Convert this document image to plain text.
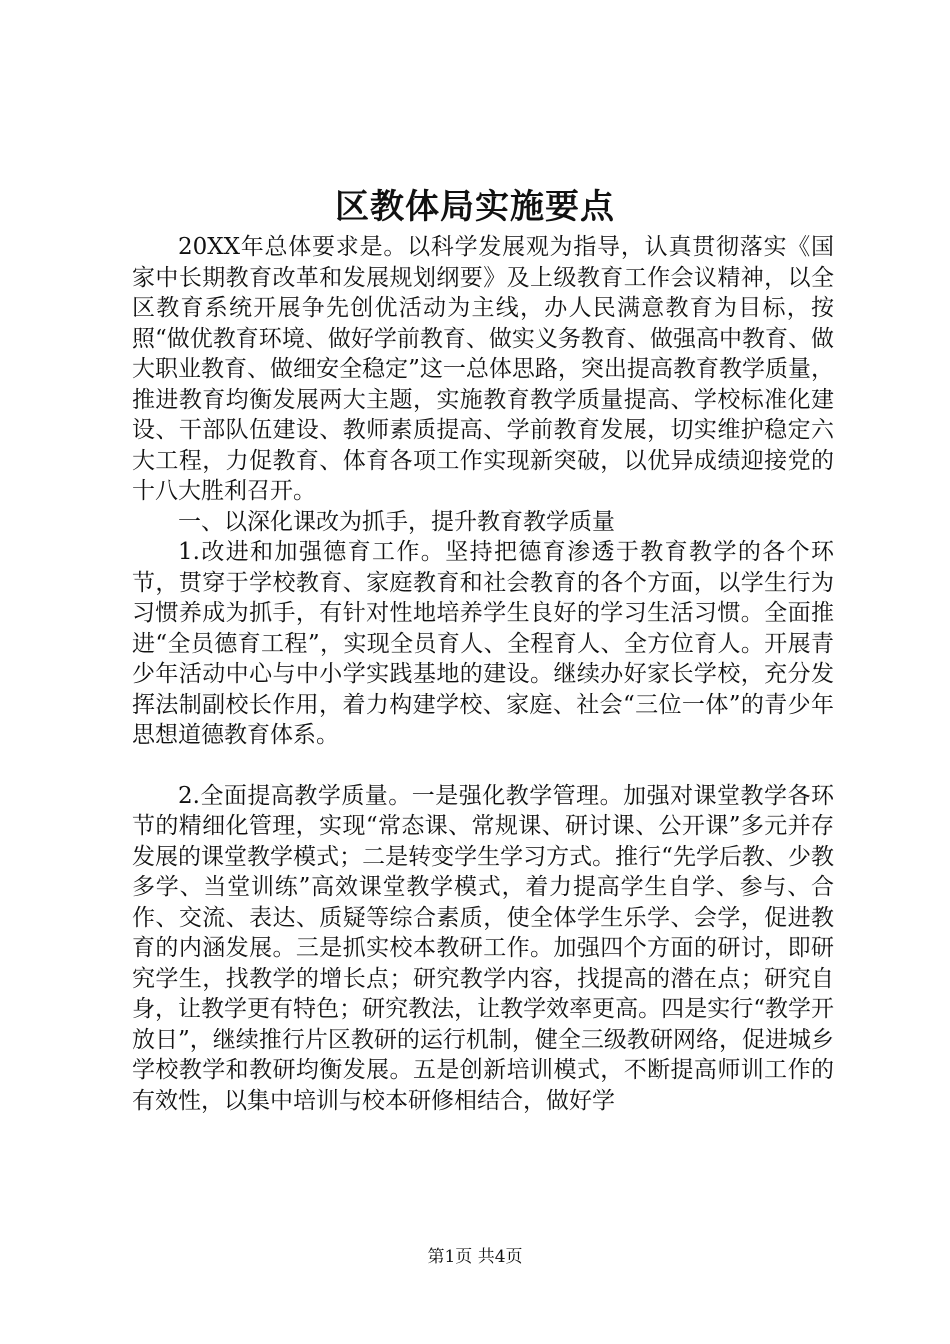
区教体局实施要点

20XX年总体要求是。以科学发展观为指导，认真贯彻落实《国家中长期教育改革和发展规划纲要》及上级教育工作会议精神，以全区教育系统开展争先创优活动为主线，办人民满意教育为目标，按照“做优教育环境、做好学前教育、做实义务教育、做强高中教育、做大职业教育、做细安全稳定”这一总体思路，突出提高教育教学质量，推进教育均衡发展两大主题，实施教育教学质量提高、学校标准化建设、干部队伍建设、教师素质提高、学前教育发展，切实维护稳定六大工程，力促教育、体育各项工作实现新突破，以优异成绩迎接党的十八大胜利召开。

一、以深化课改为抓手，提升教育教学质量

1.改进和加强德育工作。坚持把德育渗透于教育教学的各个环节，贯穿于学校教育、家庭教育和社会教育的各个方面，以学生行为习惯养成为抓手，有针对性地培养学生良好的学习生活习惯。全面推进“全员德育工程”，实现全员育人、全程育人、全方位育人。开展青少年活动中心与中小学实践基地的建设。继续办好家长学校，充分发挥法制副校长作用，着力构建学校、家庭、社会“三位一体”的青少年思想道德教育体系。

2.全面提高教学质量。一是强化教学管理。加强对课堂教学各环节的精细化管理，实现“常态课、常规课、研讨课、公开课”多元并存发展的课堂教学模式；二是转变学生学习方式。推行“先学后教、少教多学、当堂训练”高效课堂教学模式，着力提高学生自学、参与、合作、交流、表达、质疑等综合素质，使全体学生乐学、会学，促进教育的内涵发展。三是抓实校本教研工作。加强四个方面的研讨，即研究学生，找教学的增长点；研究教学内容，找提高的潜在点；研究自身，让教学更有特色；研究教法，让教学效率更高。四是实行“教学开放日”，继续推行片区教研的运行机制，健全三级教研网络，促进城乡学校教学和教研均衡发展。五是创新培训模式，不断提高师训工作的有效性，以集中培训与校本研修相结合，做好学

第1页 共4页
